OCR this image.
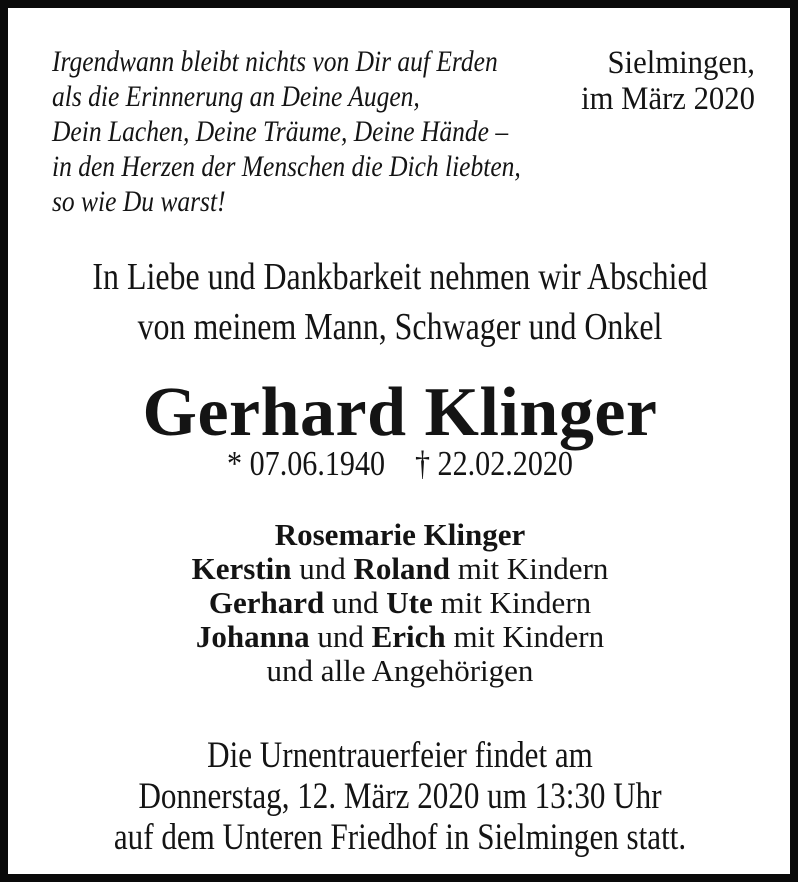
Irgendwann bleibt nichts von Dir auf Erden
als die Erinnerung an Deine Augen,
Dein Lachen, Deine Träume, Deine Hände –
in den Herzen der Menschen die Dich liebten,
so wie Du warst!
Sielmingen,
im März 2020
In Liebe und Dankbarkeit nehmen wir Abschied
von meinem Mann, Schwager und Onkel
Gerhard Klinger
* 07.06.1940 † 22.02.2020
Rosemarie Klinger
Kerstin und Roland mit Kindern
Gerhard und Ute mit Kindern
Johanna und Erich mit Kindern
und alle Angehörigen
Die Urnentrauerfeier findet am
Donnerstag, 12. März 2020 um 13:30 Uhr
auf dem Unteren Friedhof in Sielmingen statt.
